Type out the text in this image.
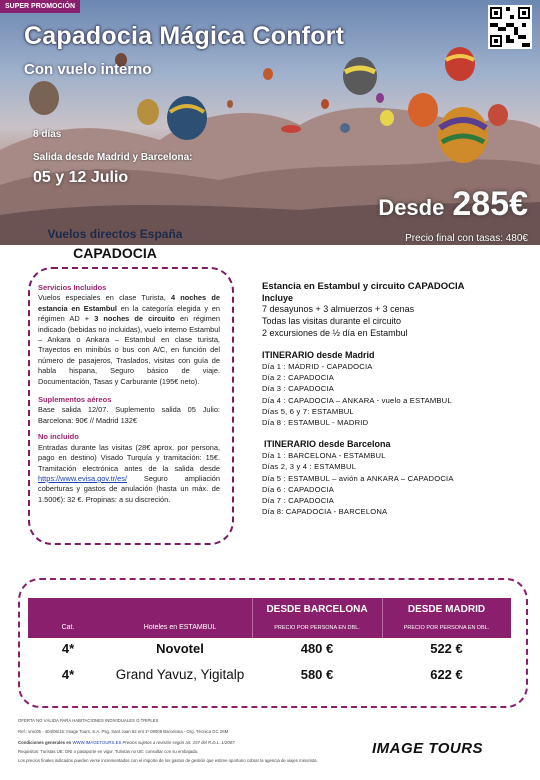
SUPER PROMOCIÓN
Capadocia Mágica Confort
Con vuelo interno
8 días
Salida desde Madrid y Barcelona:
05 y 12 Julio
Desde 285€
Precio final con tasas: 480€
Vuelos directos España
CAPADOCIA
Servicios Incluidos

Vuelos especiales en clase Turista, 4 noches de estancia en Estambul en la categoría elegida y en régimen AD + 3 noches de circuito en régimen indicado (bebidas no incluidas), vuelo interno Estambul – Ankara o Ankara – Estambul en clase turista, Trayectos en minibús o bus con A/C, en función del número de pasajeros, Traslados, visitas con guía de habla hispana, Seguro básico de viaje. Documentación, Tasas y Carburante (195€ neto).

Suplementos aéreos

Base salida 12/07. Suplemento salida 05 Julio: Barcelona: 90€ // Madrid 132€

No incluido

Entradas durante las visitas (28€ aprox. por persona, pago en destino) Visado Turquía y tramitación: 15€. Tramitación electrónica antes de la salida desde https://www.evisa.gov.tr/es/ Seguro ampliación coberturas y gastos de anulación (hasta un máx. de 1.500€): 32 €. Propinas: a su discreción.

Estancia en Estambul y circuito CAPADOCIA
Incluye
7 desayunos + 3 almuerzos + 3 cenas
Todas las visitas durante el circuito
2 excursiones de ½ día en Estambul
ITINERARIO desde Madrid
Día 1 : MADRID - CAPADOCIA
Día 2 : CAPADOCIA
Día 3 : CAPADOCIA
Día 4 : CAPADOCIA – ANKARA - vuelo a ESTAMBUL
Días 5, 6 y 7: ESTAMBUL
Día 8 : ESTAMBUL - MADRID
ITINERARIO desde Barcelona
Día 1 : BARCELONA - ESTAMBUL
Días 2, 3 y 4 : ESTAMBUL
Día 5 : ESTAMBUL – avión a ANKARA – CAPADOCIA
Día 6 : CAPADOCIA
Día 7 : CAPADOCIA
Día 8: CAPADOCIA - BARCELONA
Cat.	Hoteles en ESTAMBUL
DESDE BARCELONA
PRECIO POR PERSONA EN DBL.
DESDE MADRID
PRECIO POR PERSONA EN DBL.
4*	Novotel	480 €	522 €
4*	Grand Yavuz, Yigitalp	580 €	622 €
OFERTA NO VÁLIDA PARA HABITACIONES INDIVIDUALES O TRIPLES
Ref.: vmc05 - 404/06/15: Image Tours, S.A. Psg. Sant Joan 62 ent 1º 08009 Barcelona - Org. Técnica GC 26M
Condiciones generales en WWW.IMAGETOURS.ES Precios sujetos a revisión según art. 157 del R.D.L. 1/2007.
Requisitos: Turistas UE: DNI o pasaporte en vigor. Turistas no UE: consultar con su embajada.
Los precios finales indicados pueden verse incrementados con el importe de los gastos de gestión que estime oportuno cobrar la agencia de viajes minorista.
IMAGE TOURS
